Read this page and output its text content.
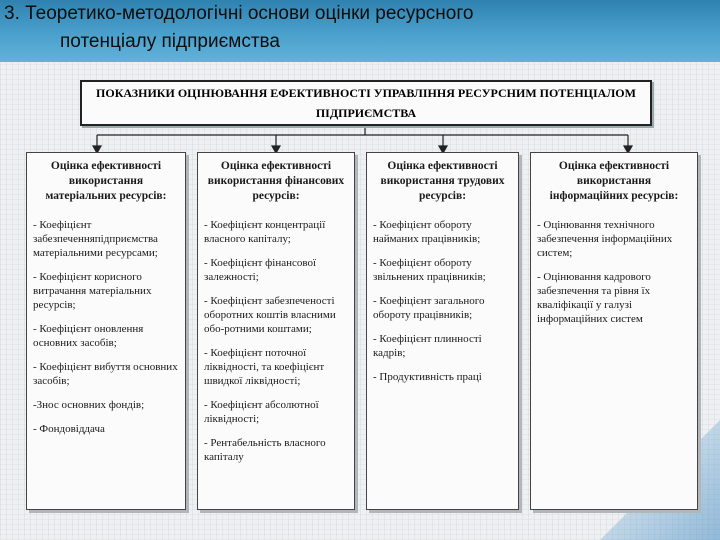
3. Теоретико-методологічні основи оцінки ресурсного
потенціалу підприємства
ПОКАЗНИКИ ОЦІНЮВАННЯ ЕФЕКТИВНОСТІ УПРАВЛІННЯ РЕСУРСНИМ ПОТЕНЦІАЛОМ ПІДПРИЄМСТВА
Оцінка ефективності використання матеріальних ресурсів:
- Коефіцієнт забезпеченняпідприємства матеріальними ресурсами;
- Коефіцієнт корисного витрачання матеріальних ресурсів;
- Коефіцієнт оновлення основних засобів;
- Коефіцієнт вибуття основних засобів;
-Знос основних фондів;
- Фондовіддача
Оцінка ефективності використання фінансових ресурсів:
- Коефіцієнт концентрації власного капіталу;
- Коефіцієнт фінансової залежності;
- Коефіцієнт забезпеченості оборотних коштів власними обо-ротними коштами;
- Коефіцієнт поточної ліквідності, та коефіцієнт швидкої ліквідності;
- Коефіцієнт абсолютної ліквідності;
- Рентабельність власного капіталу
Оцінка ефективності використання трудових ресурсів:
- Коефіцієнт обороту найманих працівників;
- Коефіцієнт обороту звільнених працівників;
- Коефіцієнт загального обороту працівників;
- Коефіцієнт плинності кадрів;
- Продуктивність праці
Оцінка ефективності використання інформаційних ресурсів:
- Оцінювання технічного забезпечення інформаційних систем;
- Оцінювання кадрового забезпечення та рівня їх кваліфікації у галузі інформаційних систем
